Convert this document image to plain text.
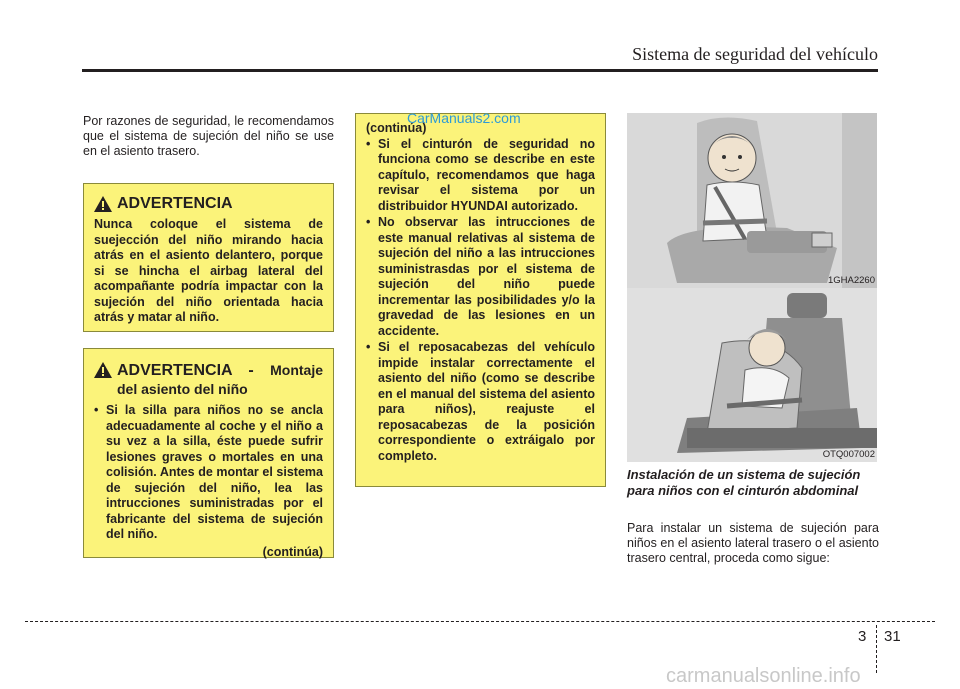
Sistema de seguridad del vehículo
Por razones de seguridad, le recomendamos que el sistema de sujeción del niño se use en el asiento trasero.
ADVERTENCIA
Nunca coloque el sistema de suejección del niño mirando hacia atrás en el asiento delantero, porque si se hincha el airbag lateral del acompañante podría impactar con la sujeción del niño orientada hacia atrás y matar al niño.
ADVERTENCIA - Montaje del asiento del niño
• Si la silla para niños no se ancla adecuadamente al coche y el niño a su vez a la silla, éste puede sufrir lesiones graves o mortales en una colisión. Antes de montar el sistema de sujeción del niño, lea las intrucciones suministradas por el fabricante del sistema de sujeción del niño.
(continúa)
(continúa)
• Si el cinturón de seguridad no funciona como se describe en este capítulo, recomendamos que haga revisar el sistema por un distribuidor HYUNDAI autorizado.
• No observar las intrucciones de este manual relativas al sistema de sujeción del niño a las intrucciones suministrasdas por el sistema de sujeción del niño puede incrementar las posibilidades y/o la gravedad de las lesiones en un accidente.
• Si el reposacabezas del vehículo impide instalar correctamente el asiento del niño (como se describe en el manual del sistema del asiento para niños), reajuste el reposacabezas de la posición correspondiente o extráigalo por completo.
1GHA2260
OTQ007002
Instalación de un sistema de sujeción para niños con el cinturón abdominal
Para instalar un sistema de sujeción para niños en el asiento lateral trasero o el asiento trasero central, proceda como sigue:
3 31
CarManuals2.com
carmanualsonline.info
